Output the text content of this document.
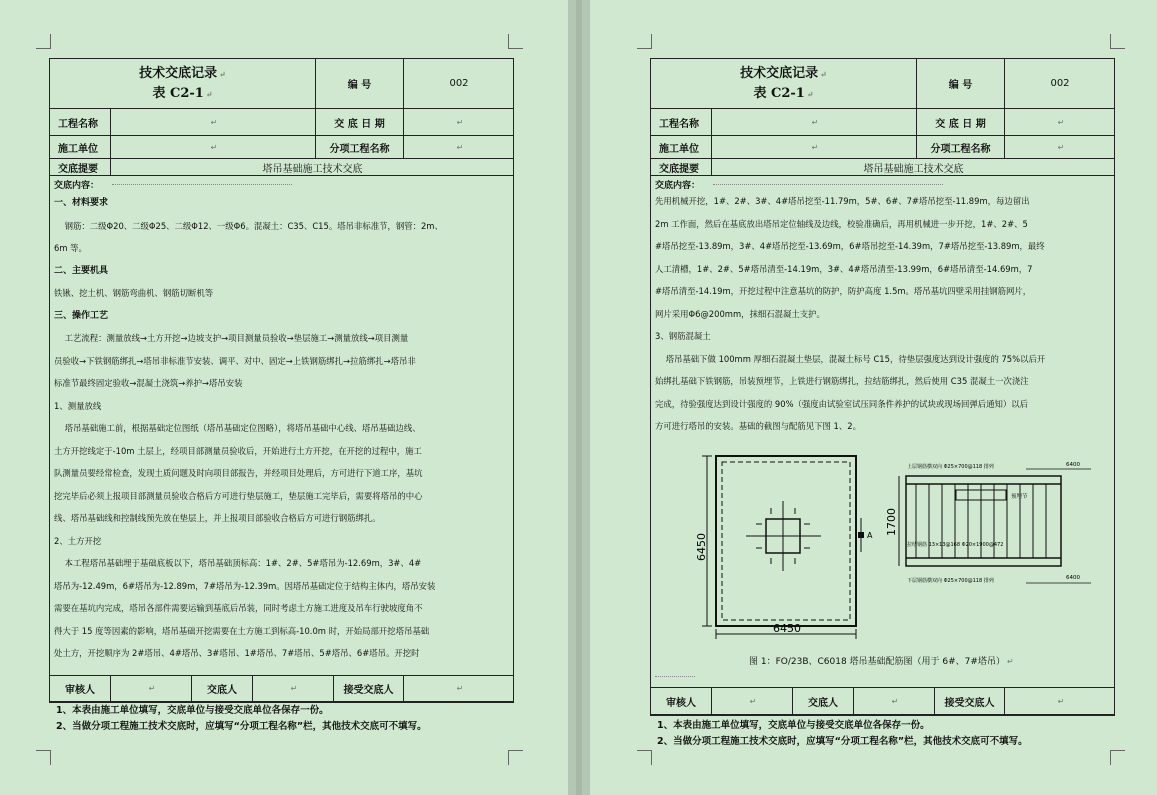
技术交底记录 ↵
表 C2-1 ↵
编 号	002
工程名称	↵	交 底 日 期	↵
施工单位	↵	分项工程名称	↵
交底提要	塔吊基础施工技术交底
交底内容：

一、材料要求

钢筋：二级Φ20、二级Φ25、二级Φ12、一级Φ6。混凝土：C35、C15。塔吊非标准节，钢管：2m、

6m 等。

二、主要机具

铁锹、挖土机、钢筋弯曲机、钢筋切断机等

三、操作工艺

工艺流程：测量放线→土方开挖→边坡支护→项目测量员验收→垫层施工→测量放线→项目测量

员验收→下铁钢筋绑扎→塔吊非标准节安装、调平、对中、固定→上铁钢筋绑扎→拉筋绑扎→塔吊非

标准节最终固定验收→混凝土浇筑→养护→塔吊安装

1、测量放线

塔吊基础施工前，根据基础定位图纸（塔吊基础定位图略），将塔吊基础中心线、塔吊基础边线、

土方开挖线定于-10m 土层上，经项目部测量员验收后，开始进行土方开挖，在开挖的过程中，施工

队测量员要经常检查，发现土质问题及时向项目部报告，并经项目处理后，方可进行下道工序，基坑

挖完毕后必须上报项目部测量员验收合格后方可进行垫层施工，垫层施工完毕后，需要将塔吊的中心

线、塔吊基础线和控制线预先放在垫层上，并上报项目部验收合格后方可进行钢筋绑扎。

2、土方开挖

本工程塔吊基础埋于基础底板以下，塔吊基础顶标高：1#、2#、5#塔吊为-12.69m，3#、4#

塔吊为-12.49m，6#塔吊为-12.89m，7#塔吊为-12.39m。因塔吊基础定位于结构主体内，塔吊安装

需要在基坑内完成，塔吊各部件需要运输到基底后吊装，同时考虑土方施工进度及吊车行驶坡度角不

得大于 15 度等因素的影响，塔吊基础开挖需要在土方施工到标高-10.0m 时，开始局部开挖塔吊基础

处土方，开挖顺序为 2#塔吊、4#塔吊、3#塔吊、1#塔吊、7#塔吊、5#塔吊、6#塔吊。开挖时

审核人	↵	交底人	↵	接受交底人	↵
1、本表由施工单位填写，交底单位与接受交底单位各保存一份。
2、当做分项工程施工技术交底时，应填写“分项工程名称”栏，其他技术交底可不填写。
技术交底记录 ↵
表 C2-1 ↵
编 号	002
工程名称	↵	交 底 日 期	↵
施工单位	↵	分项工程名称	↵
交底提要	塔吊基础施工技术交底
交底内容：

先用机械开挖，1#、2#、3#、4#塔吊挖至-11.79m，5#、6#、7#塔吊挖至-11.89m，每边留出

2m 工作面，然后在基底放出塔吊定位轴线及边线，校验准确后，再用机械进一步开挖，1#、2#、5

#塔吊挖至-13.89m，3#、4#塔吊挖至-13.69m，6#塔吊挖至-14.39m，7#塔吊挖至-13.89m，最终

人工清槽，1#、2#、5#塔吊清至-14.19m，3#、4#塔吊清至-13.99m，6#塔吊清至-14.69m，7

#塔吊清至-14.19m，开挖过程中注意基坑的防护，防护高度 1.5m。塔吊基坑四壁采用挂钢筋网片，

网片采用Φ6@200mm，抹细石混凝土支护。

3、钢筋混凝土

塔吊基础下做 100mm 厚细石混凝土垫层，混凝土标号 C15，待垫层强度达到设计强度的 75%以后开

始绑扎基础下铁钢筋，吊装预埋节，上铁进行钢筋绑扎，拉结筋绑扎，然后使用 C35 混凝土一次浇注

完成，待验强度达到设计强度的 90%（强度由试验室试压同条件养护的试块或现场回弹后通知）以后

方可进行塔吊的安装。基础的截图与配筋见下图 1、2。

A
6450
6450
预埋节
1700
上层钢筋横双向 Φ25×700@118 排列	6400
拉结钢筋 13×13@168 Φ20×1900@472
下层钢筋横双向 Φ25×700@118 排列	6400
图 1：FO/23B、C6018 塔吊基础配筋图（用于 6#、7#塔吊） ↵
审核人	↵	交底人	↵	接受交底人	↵
1、本表由施工单位填写，交底单位与接受交底单位各保存一份。
2、当做分项工程施工技术交底时，应填写“分项工程名称”栏，其他技术交底可不填写。
